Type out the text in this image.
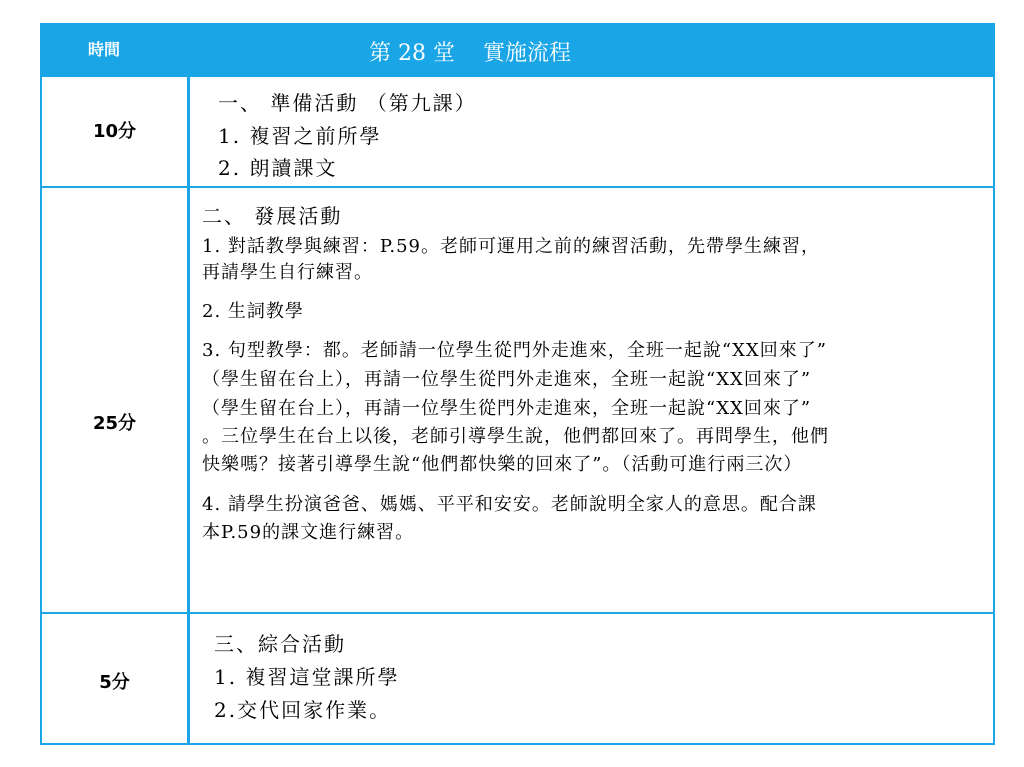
時間	第 28 堂    實施流程
10分
一、 準備活動 （第九課）
1. 複習之前所學
2. 朗讀課文
25分
二、 發展活動
1. 對話教學與練習：P.59。老師可運用之前的練習活動，先帶學生練習，
再請學生自行練習。
2. 生詞教學
3. 句型教學：都。老師請一位學生從門外走進來，全班一起說“XX回來了”
（學生留在台上），再請一位學生從門外走進來，全班一起說“XX回來了”
（學生留在台上），再請一位學生從門外走進來，全班一起說“XX回來了”
。三位學生在台上以後，老師引導學生說，他們都回來了。再問學生，他們
快樂嗎？接著引導學生說“他們都快樂的回來了”。（活動可進行兩三次）
4. 請學生扮演爸爸、媽媽、平平和安安。老師說明全家人的意思。配合課
本P.59的課文進行練習。
5分
三、綜合活動
1. 複習這堂課所學
2.交代回家作業。
